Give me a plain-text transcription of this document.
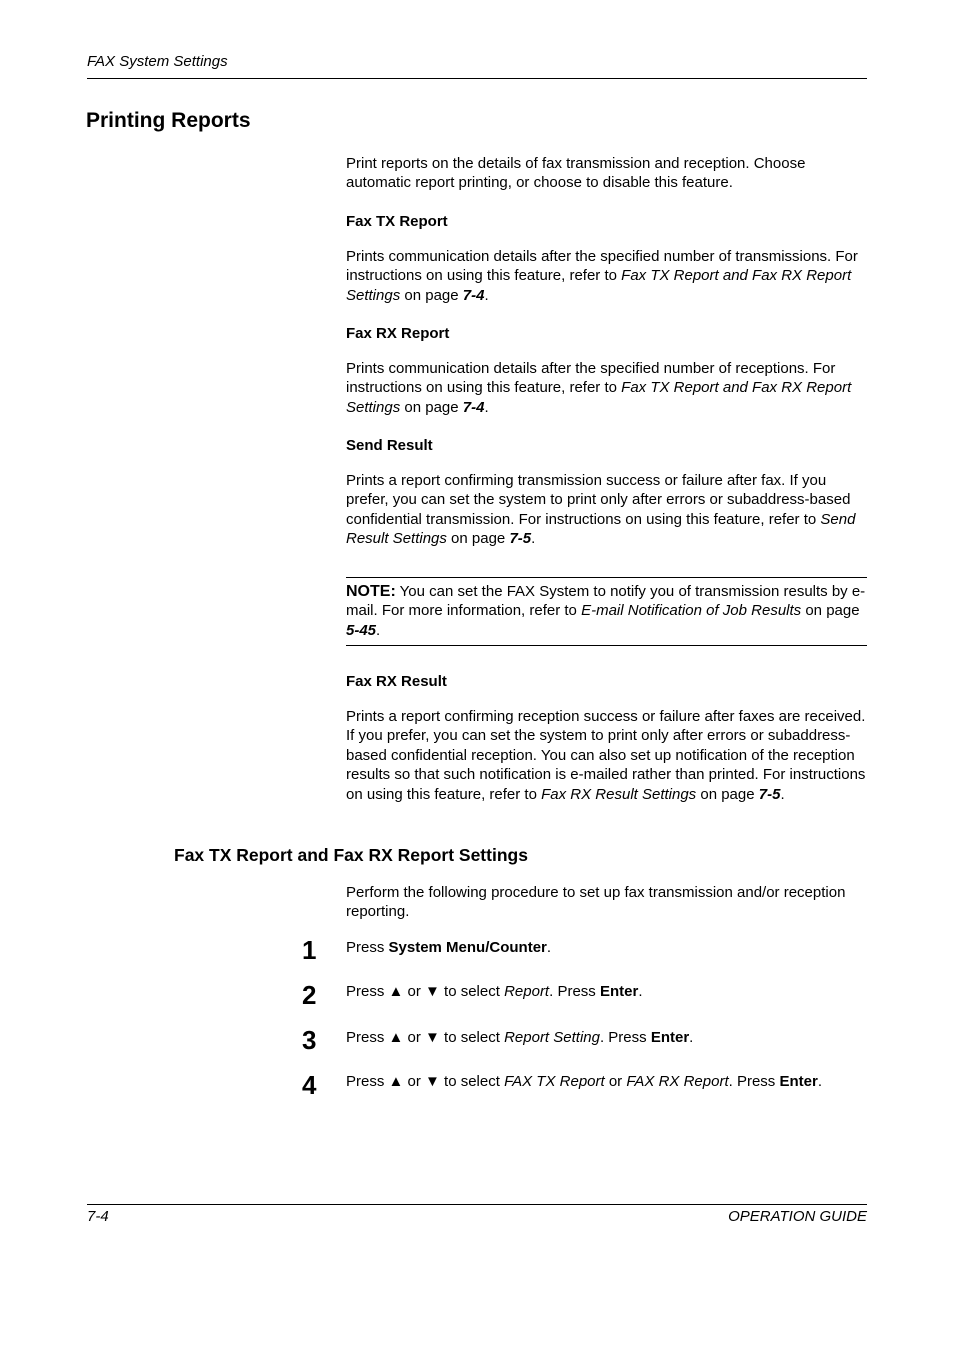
FAX System Settings
Printing Reports

Print reports on the details of fax transmission and reception. Choose automatic report printing, or choose to disable this feature.

Fax TX Report

Prints communication details after the specified number of transmissions. For instructions on using this feature, refer to Fax TX Report and Fax RX Report Settings on page 7-4.

Fax RX Report

Prints communication details after the specified number of receptions. For instructions on using this feature, refer to Fax TX Report and Fax RX Report Settings on page 7-4.

Send Result

Prints a report confirming transmission success or failure after fax. If you prefer, you can set the system to print only after errors or subaddress-based confidential transmission. For instructions on using this feature, refer to Send Result Settings on page 7-5.

NOTE: You can set the FAX System to notify you of transmission results by e-mail. For more information, refer to E-mail Notification of Job Results on page 5-45.

Fax RX Result

Prints a report confirming reception success or failure after faxes are received. If you prefer, you can set the system to print only after errors or subaddress-based confidential reception. You can also set up notification of the reception results so that such notification is e-mailed rather than printed. For instructions on using this feature, refer to Fax RX Result Settings on page 7-5.

Fax TX Report and Fax RX Report Settings

Perform the following procedure to set up fax transmission and/or reception reporting.

1 Press System Menu/Counter.
2 Press ▲ or ▼ to select Report. Press Enter.
3 Press ▲ or ▼ to select Report Setting. Press Enter.
4 Press ▲ or ▼ to select FAX TX Report or FAX RX Report. Press Enter.
7-4	OPERATION GUIDE
